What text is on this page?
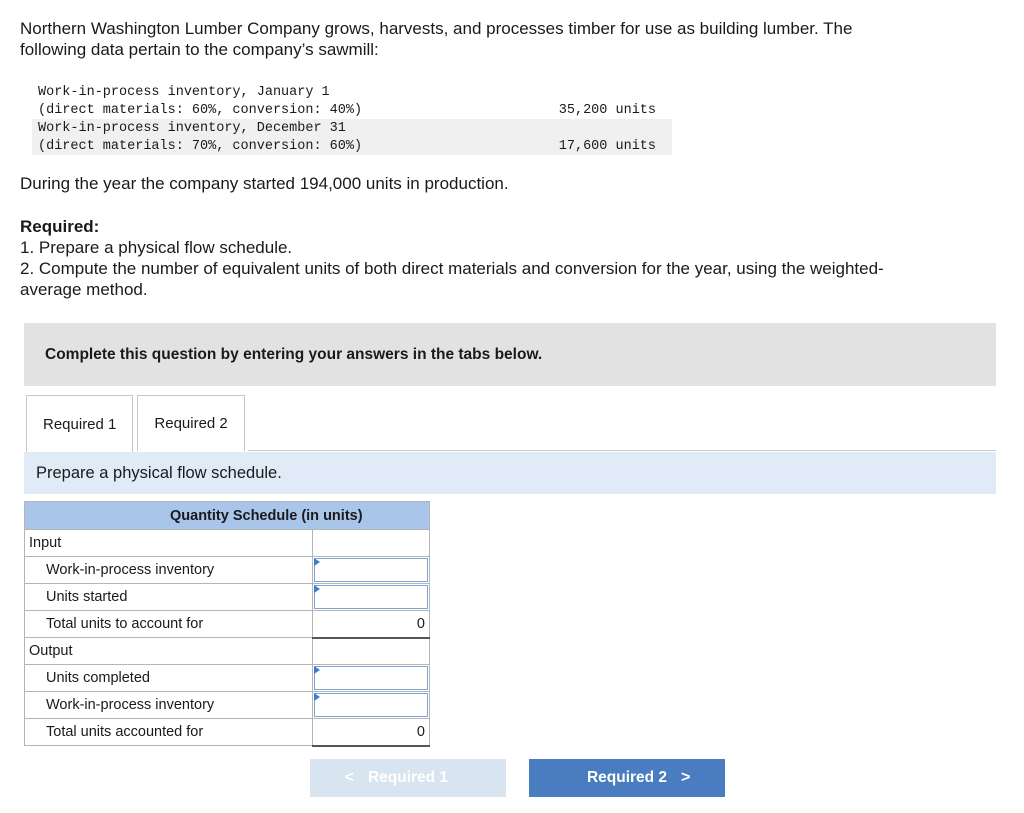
Northern Washington Lumber Company grows, harvests, and processes timber for use as building lumber. The
following data pertain to the company’s sawmill:
Work-in-process inventory, January 1
(direct materials: 60%, conversion: 40%)	35,200 units
Work-in-process inventory, December 31
(direct materials: 70%, conversion: 60%)	17,600 units
During the year the company started 194,000 units in production.
Required:
1. Prepare a physical flow schedule.
2. Compute the number of equivalent units of both direct materials and conversion for the year, using the weighted-
average method.
Complete this question by entering your answers in the tabs below.
Required 1	Required 2
Prepare a physical flow schedule.
Quantity Schedule (in units)	
Input	
Work-in-process inventory	

Units started	

Total units to account for	0
Output	
Units completed	

Work-in-process inventory	

Total units accounted for	0
< Required 1	Required 2 >
